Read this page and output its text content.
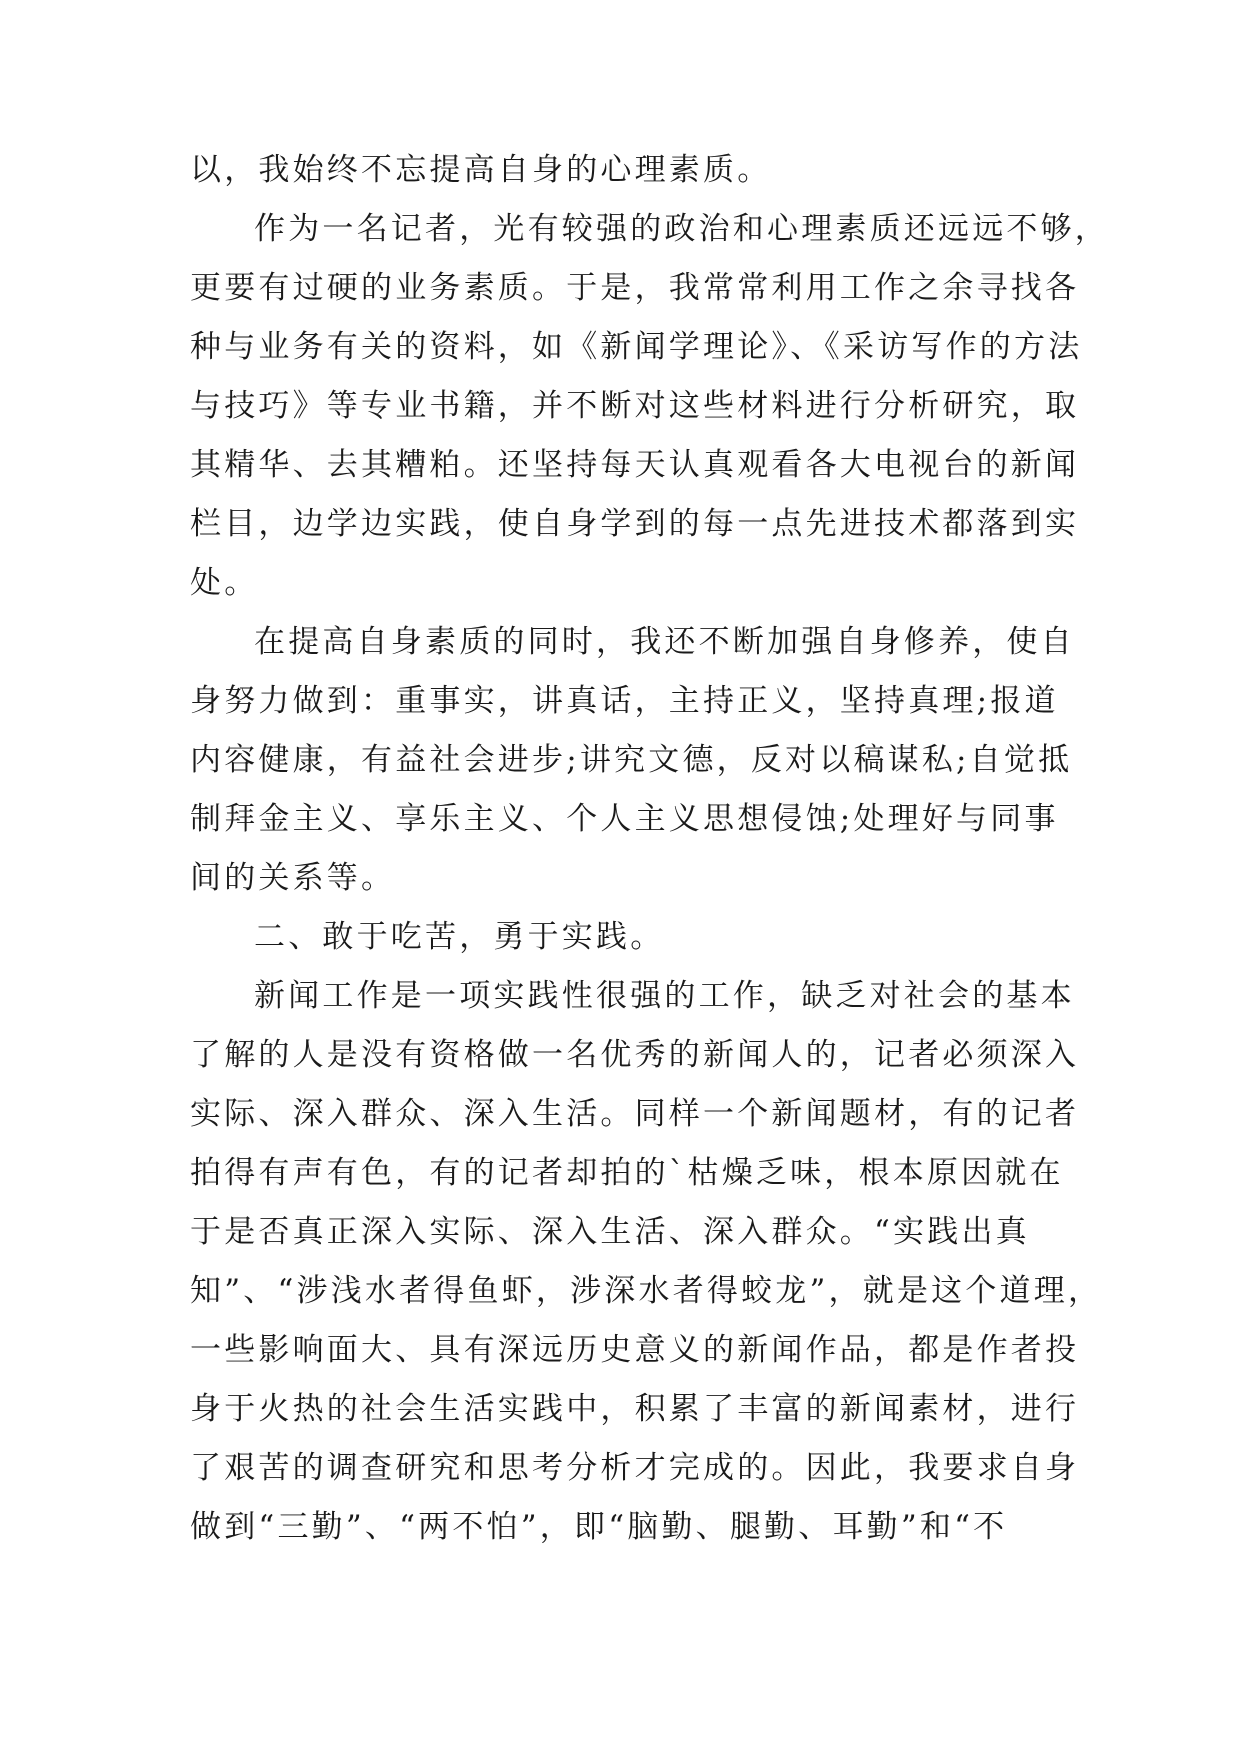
以，我始终不忘提高自身的心理素质。
作为一名记者，光有较强的政治和心理素质还远远不够，
更要有过硬的业务素质。于是，我常常利用工作之余寻找各
种与业务有关的资料，如《新闻学理论》、《采访写作的方法
与技巧》等专业书籍，并不断对这些材料进行分析研究，取
其精华、去其糟粕。还坚持每天认真观看各大电视台的新闻
栏目，边学边实践，使自身学到的每一点先进技术都落到实
处。
在提高自身素质的同时，我还不断加强自身修养，使自
身努力做到：重事实，讲真话，主持正义，坚持真理;报道
内容健康，有益社会进步;讲究文德，反对以稿谋私;自觉抵
制拜金主义、享乐主义、个人主义思想侵蚀;处理好与同事
间的关系等。
二、敢于吃苦，勇于实践。
新闻工作是一项实践性很强的工作，缺乏对社会的基本
了解的人是没有资格做一名优秀的新闻人的，记者必须深入
实际、深入群众、深入生活。同样一个新闻题材，有的记者
拍得有声有色，有的记者却拍的`枯燥乏味，根本原因就在
于是否真正深入实际、深入生活、深入群众。“实践出真
知”、“涉浅水者得鱼虾，涉深水者得蛟龙”，就是这个道理，
一些影响面大、具有深远历史意义的新闻作品，都是作者投
身于火热的社会生活实践中，积累了丰富的新闻素材，进行
了艰苦的调查研究和思考分析才完成的。因此，我要求自身
做到“三勤”、“两不怕”，即“脑勤、腿勤、耳勤”和“不
